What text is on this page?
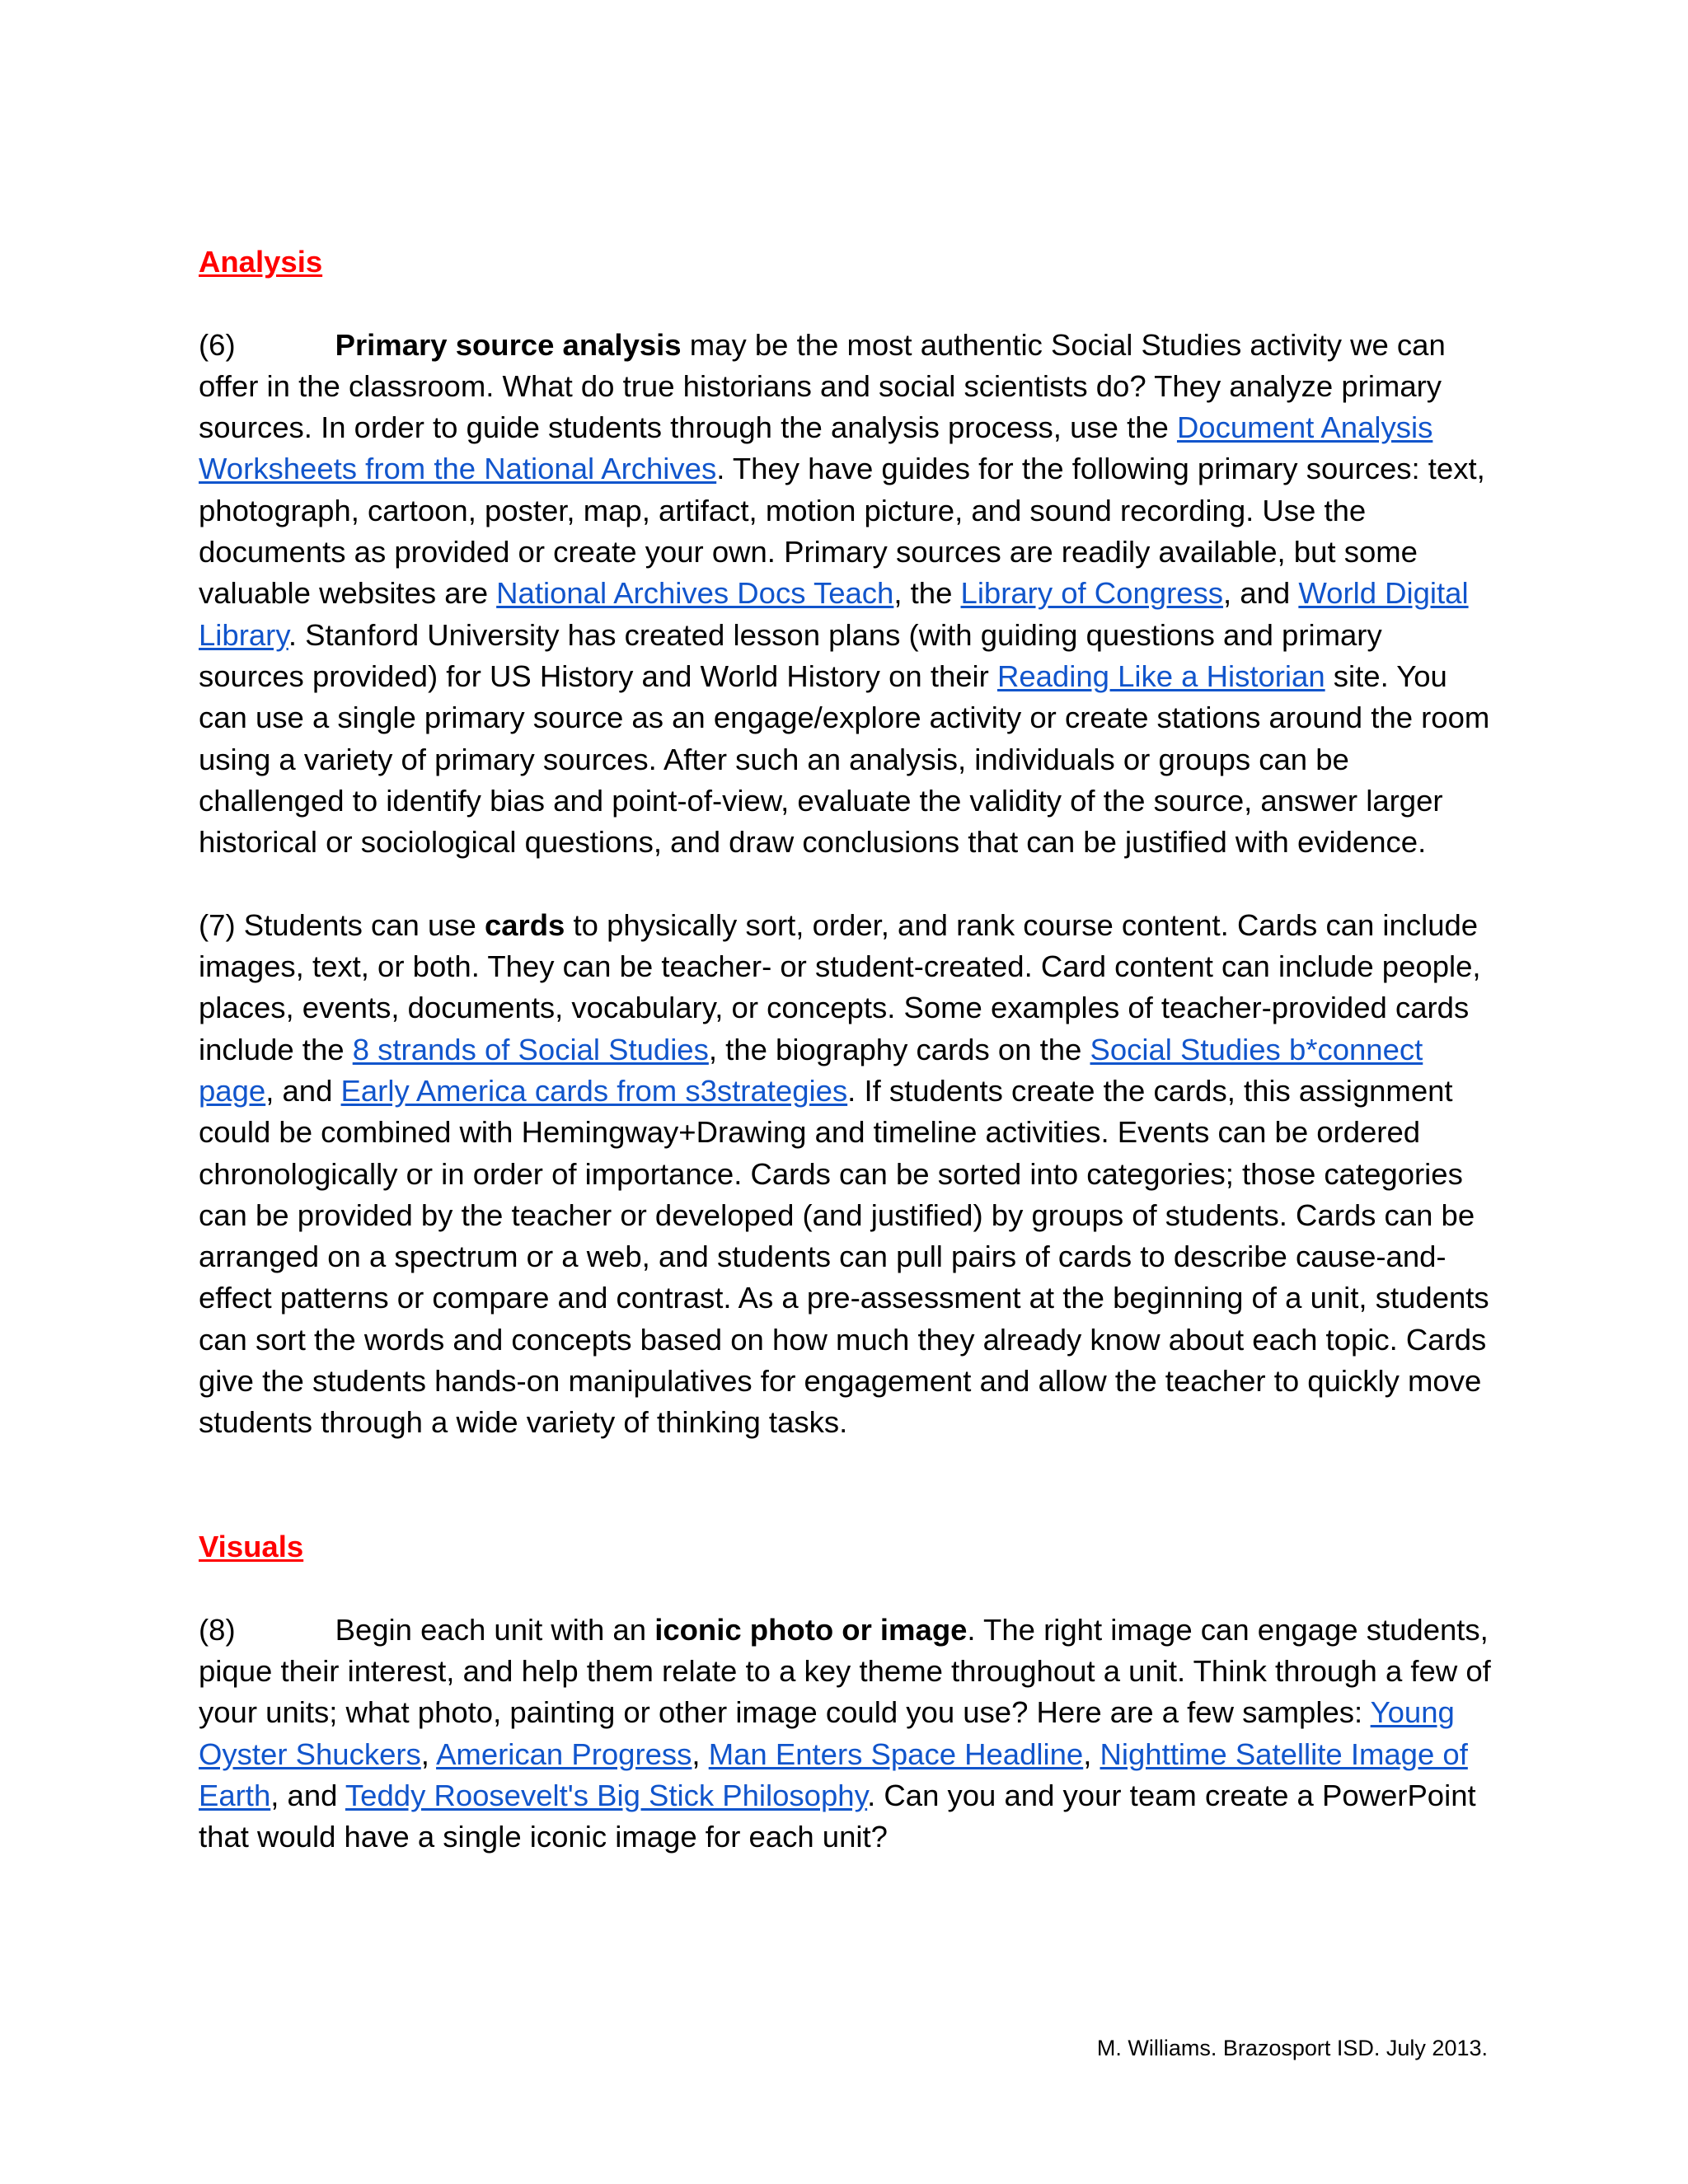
Analysis

(6)	Primary source analysis may be the most authentic Social Studies activity we can offer in the classroom. What do true historians and social scientists do? They analyze primary sources. In order to guide students through the analysis process, use the Document Analysis Worksheets from the National Archives. They have guides for the following primary sources: text, photograph, cartoon, poster, map, artifact, motion picture, and sound recording. Use the documents as provided or create your own. Primary sources are readily available, but some valuable websites are National Archives Docs Teach, the Library of Congress, and World Digital Library. Stanford University has created lesson plans (with guiding questions and primary sources provided) for US History and World History on their Reading Like a Historian site. You can use a single primary source as an engage/explore activity or create stations around the room using a variety of primary sources. After such an analysis, individuals or groups can be challenged to identify bias and point-of-view, evaluate the validity of the source, answer larger historical or sociological questions, and draw conclusions that can be justified with evidence.

(7) Students can use cards to physically sort, order, and rank course content. Cards can include images, text, or both. They can be teacher- or student-created. Card content can include people, places, events, documents, vocabulary, or concepts. Some examples of teacher-provided cards include the 8 strands of Social Studies, the biography cards on the Social Studies b*connect page, and Early America cards from s3strategies. If students create the cards, this assignment could be combined with Hemingway+Drawing and timeline activities. Events can be ordered chronologically or in order of importance. Cards can be sorted into categories; those categories can be provided by the teacher or developed (and justified) by groups of students. Cards can be arranged on a spectrum or a web, and students can pull pairs of cards to describe cause-and-effect patterns or compare and contrast. As a pre-assessment at the beginning of a unit, students can sort the words and concepts based on how much they already know about each topic. Cards give the students hands-on manipulatives for engagement and allow the teacher to quickly move students through a wide variety of thinking tasks.

Visuals

(8)	Begin each unit with an iconic photo or image. The right image can engage students, pique their interest, and help them relate to a key theme throughout a unit. Think through a few of your units; what photo, painting or other image could you use? Here are a few samples: Young Oyster Shuckers, American Progress, Man Enters Space Headline, Nighttime Satellite Image of Earth, and Teddy Roosevelt's Big Stick Philosophy. Can you and your team create a PowerPoint that would have a single iconic image for each unit?

M. Williams. Brazosport ISD. July 2013.
